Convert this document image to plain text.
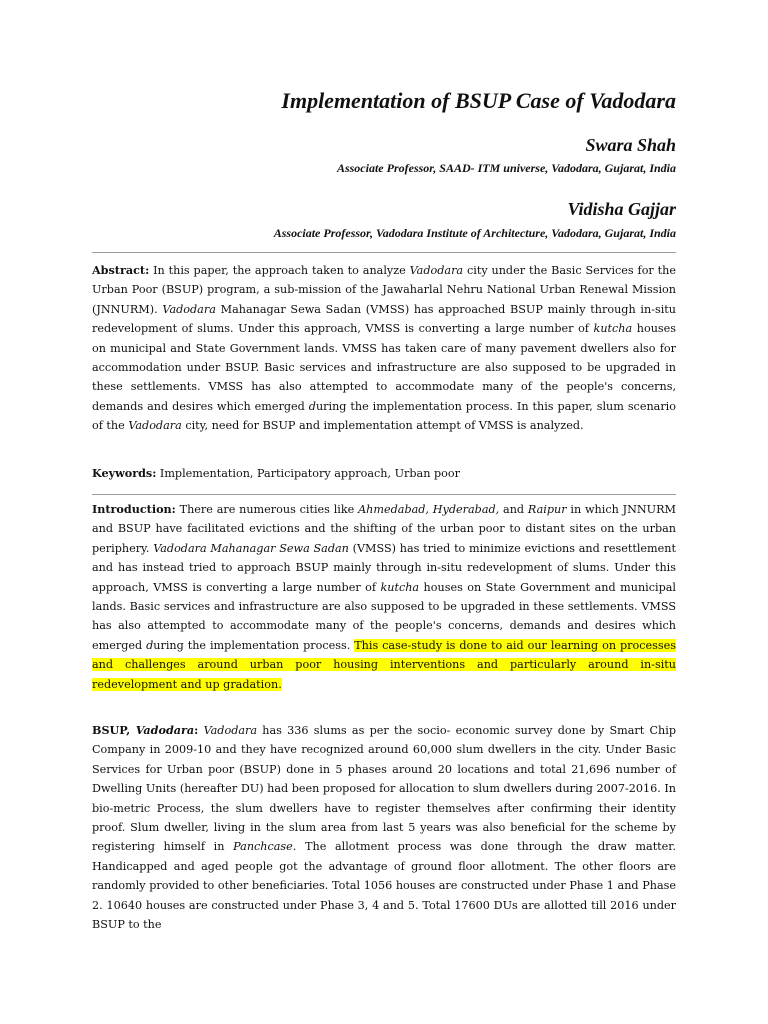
Implementation of BSUP Case of Vadodara
Swara Shah
Associate Professor, SAAD- ITM universe, Vadodara, Gujarat, India
Vidisha Gajjar
Associate Professor, Vadodara Institute of Architecture, Vadodara, Gujarat, India

Abstract: In this paper, the approach taken to analyze Vadodara city under the Basic Services for the Urban Poor (BSUP) program, a sub-mission of the Jawaharlal Nehru National Urban Renewal Mission (JNNURM). Vadodara Mahanagar Sewa Sadan (VMSS) has approached BSUP mainly through in-situ redevelopment of slums. Under this approach, VMSS is converting a large number of kutcha houses on municipal and State Government lands. VMSS has taken care of many pavement dwellers also for accommodation under BSUP. Basic services and infrastructure are also supposed to be upgraded in these settlements. VMSS has also attempted to accommodate many of the people's concerns, demands and desires which emerged during the implementation process. In this paper, slum scenario of the Vadodara city, need for BSUP and implementation attempt of VMSS is analyzed.

Keywords: Implementation, Participatory approach, Urban poor

Introduction: There are numerous cities like Ahmedabad, Hyderabad, and Raipur in which JNNURM and BSUP have facilitated evictions and the shifting of the urban poor to distant sites on the urban periphery. Vadodara Mahanagar Sewa Sadan (VMSS) has tried to minimize evictions and resettlement and has instead tried to approach BSUP mainly through in-situ redevelopment of slums. Under this approach, VMSS is converting a large number of kutcha houses on State Government and municipal lands. Basic services and infrastructure are also supposed to be upgraded in these settlements. VMSS has also attempted to accommodate many of the people's concerns, demands and desires which emerged during the implementation process. This case-study is done to aid our learning on processes and challenges around urban poor housing interventions and particularly around in-situ redevelopment and up gradation.

BSUP, Vadodara: Vadodara has 336 slums as per the socio- economic survey done by Smart Chip Company in 2009-10 and they have recognized around 60,000 slum dwellers in the city. Under Basic Services for Urban poor (BSUP) done in 5 phases around 20 locations and total 21,696 number of Dwelling Units (hereafter DU) had been proposed for allocation to slum dwellers during 2007-2016. In bio-metric Process, the slum dwellers have to register themselves after confirming their identity proof. Slum dweller, living in the slum area from last 5 years was also beneficial for the scheme by registering himself in Panchcase. The allotment process was done through the draw matter. Handicapped and aged people got the advantage of ground floor allotment. The other floors are randomly provided to other beneficiaries. Total 1056 houses are constructed under Phase 1 and Phase 2. 10640 houses are constructed under Phase 3, 4 and 5. Total 17600 DUs are allotted till 2016 under BSUP to the
